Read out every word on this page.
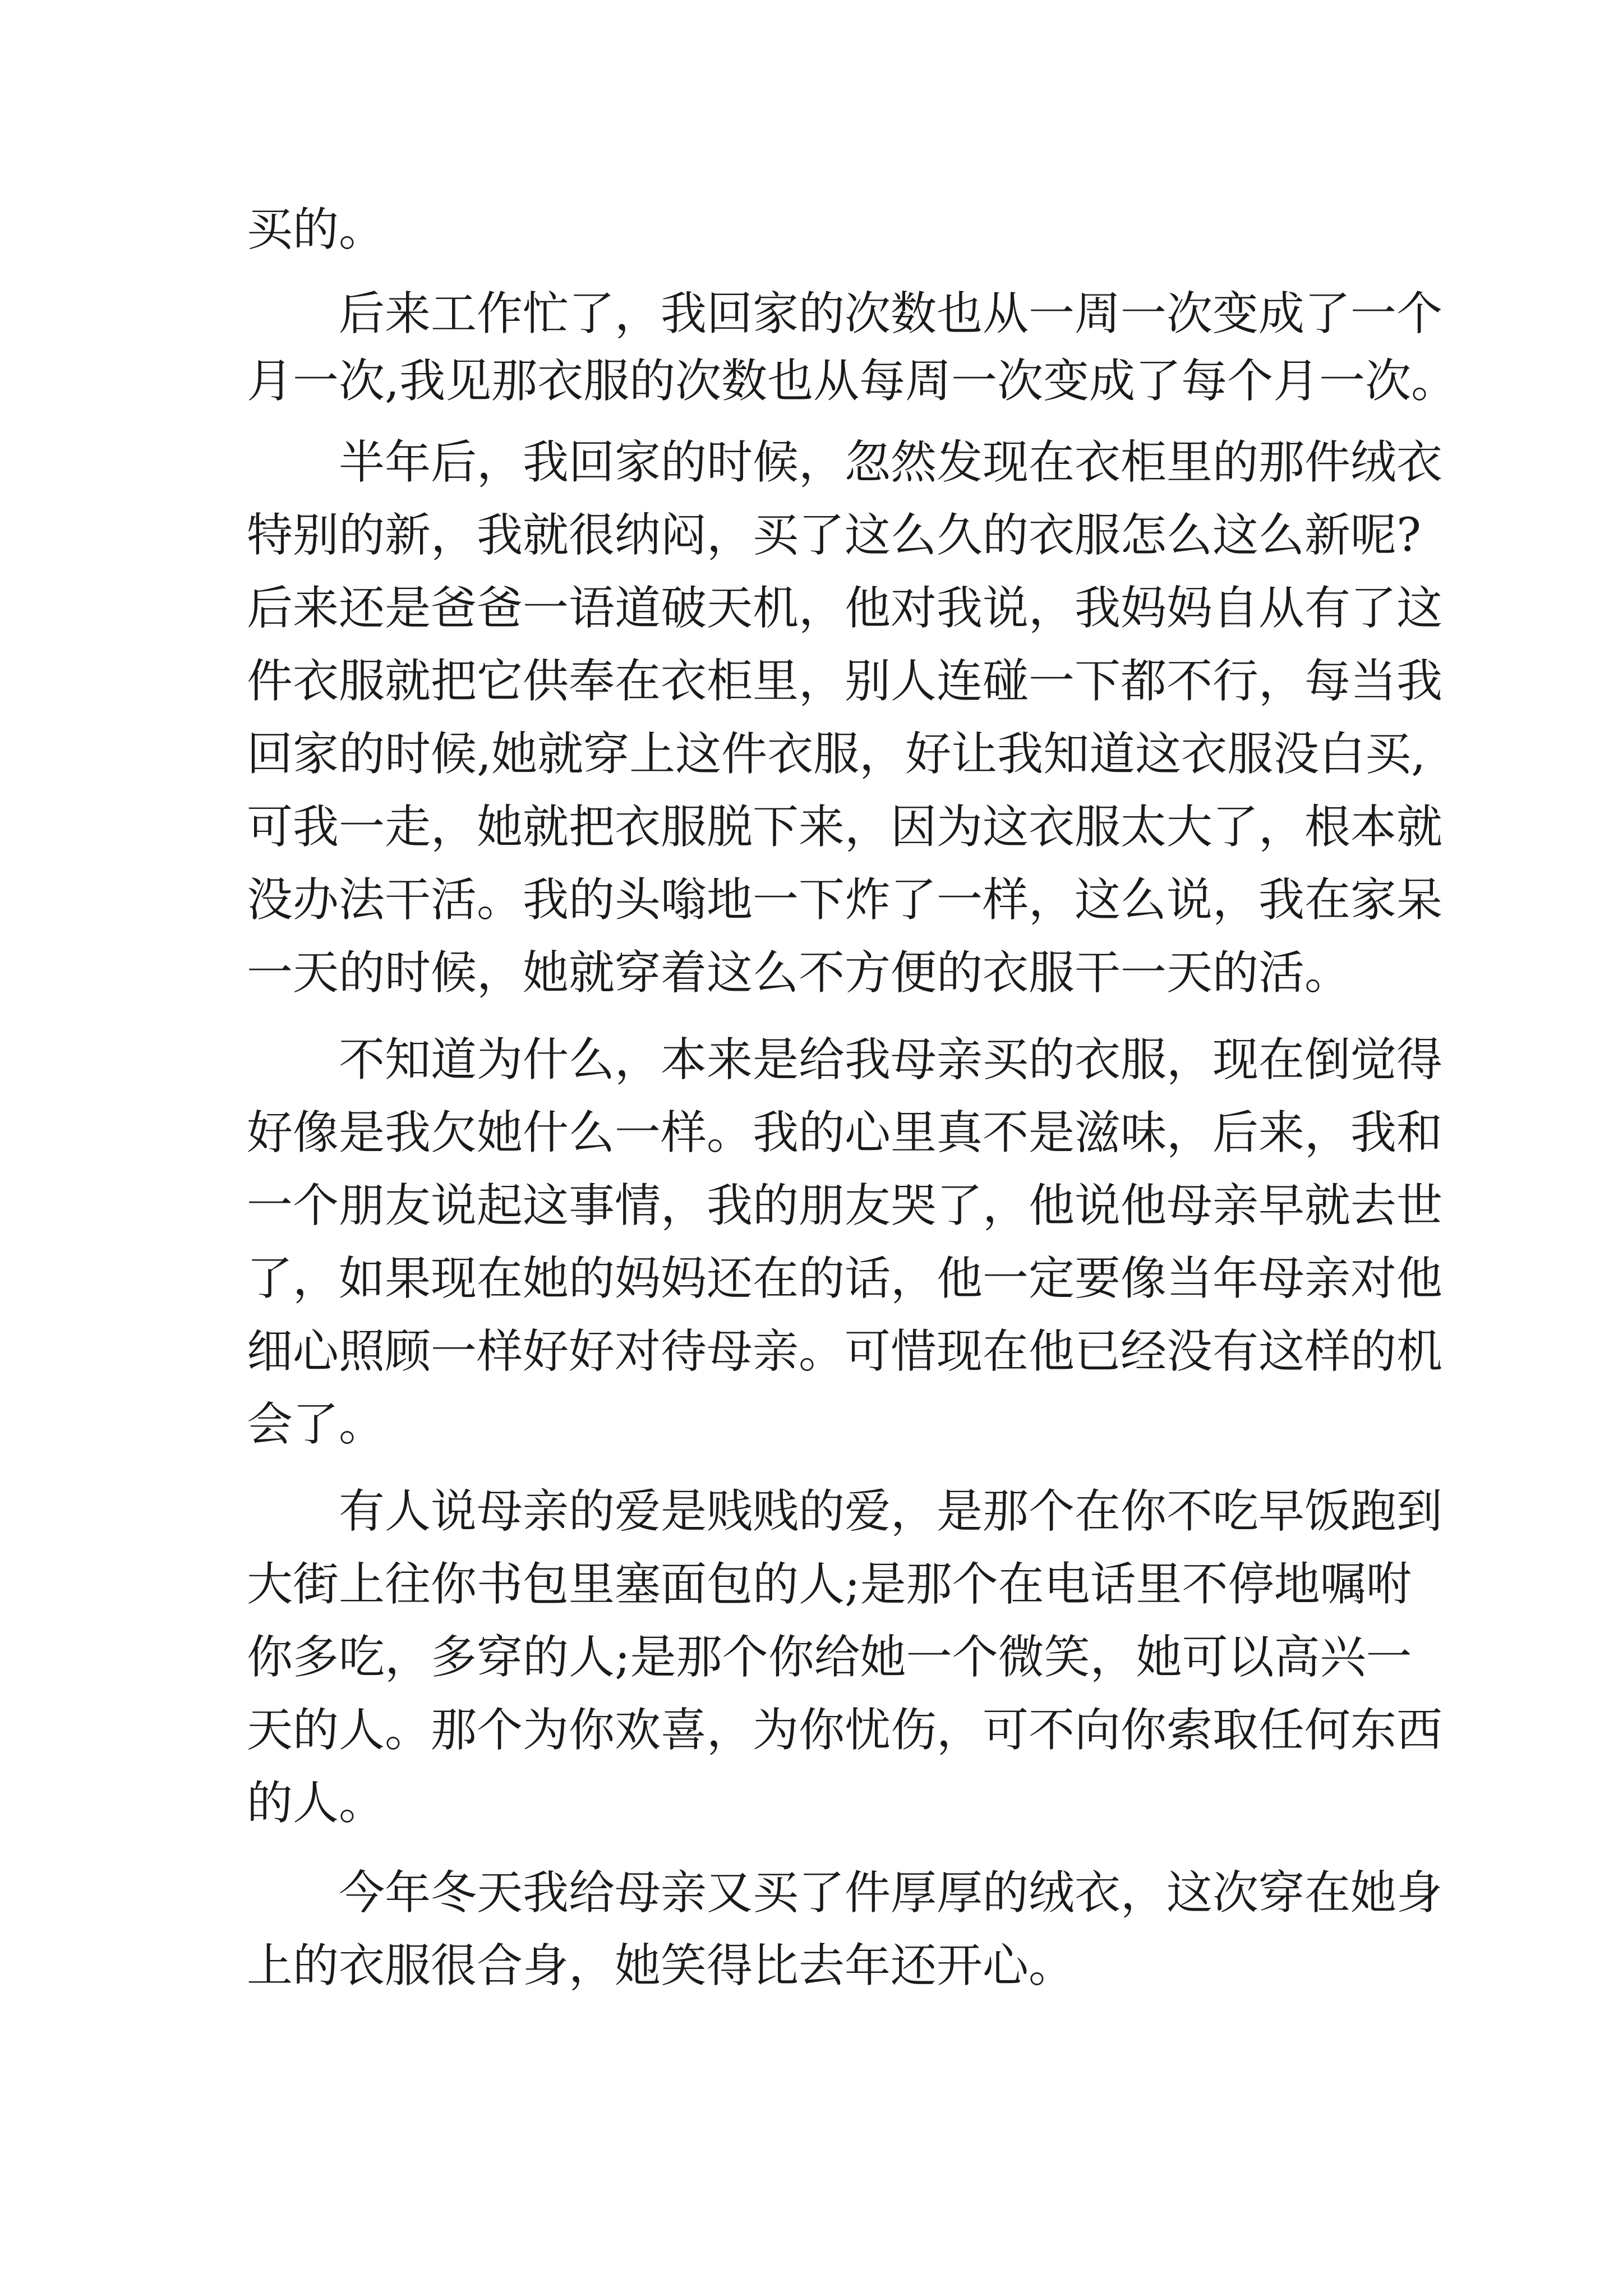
买的。

后来工作忙了，我回家的次数也从一周一次变成了一个

月一次,我见那衣服的次数也从每周一次变成了每个月一次。

半年后，我回家的时候，忽然发现在衣柜里的那件绒衣

特别的新，我就很纳闷，买了这么久的衣服怎么这么新呢?

后来还是爸爸一语道破天机，他对我说，我妈妈自从有了这

件衣服就把它供奉在衣柜里，别人连碰一下都不行，每当我

回家的时候,她就穿上这件衣服，好让我知道这衣服没白买,

可我一走，她就把衣服脱下来，因为这衣服太大了，根本就

没办法干活。我的头嗡地一下炸了一样，这么说，我在家呆

一天的时候，她就穿着这么不方便的衣服干一天的活。

不知道为什么，本来是给我母亲买的衣服，现在倒觉得

好像是我欠她什么一样。我的心里真不是滋味，后来，我和

一个朋友说起这事情，我的朋友哭了，他说他母亲早就去世

了，如果现在她的妈妈还在的话，他一定要像当年母亲对他

细心照顾一样好好对待母亲。可惜现在他已经没有这样的机

会了。

有人说母亲的爱是贱贱的爱，是那个在你不吃早饭跑到

大街上往你书包里塞面包的人;是那个在电话里不停地嘱咐

你多吃，多穿的人;是那个你给她一个微笑，她可以高兴一

天的人。那个为你欢喜，为你忧伤，可不向你索取任何东西

的人。

今年冬天我给母亲又买了件厚厚的绒衣，这次穿在她身

上的衣服很合身，她笑得比去年还开心。
